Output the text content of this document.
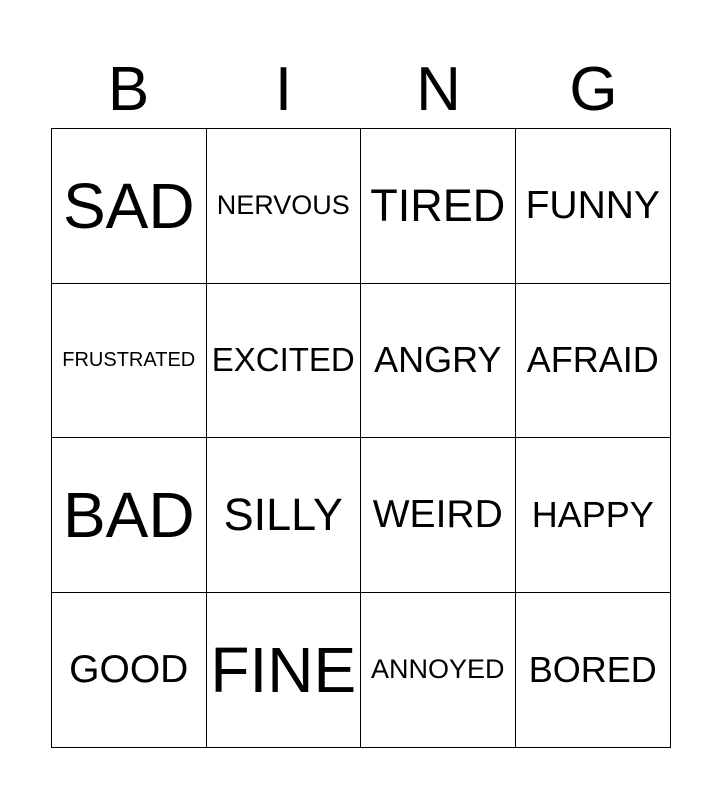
B	I	N	G
SAD NERVOUS TIRED FUNNY
FRUSTRATED EXCITED ANGRY AFRAID
BAD SILLY WEIRD HAPPY
GOOD FINE ANNOYED BORED
